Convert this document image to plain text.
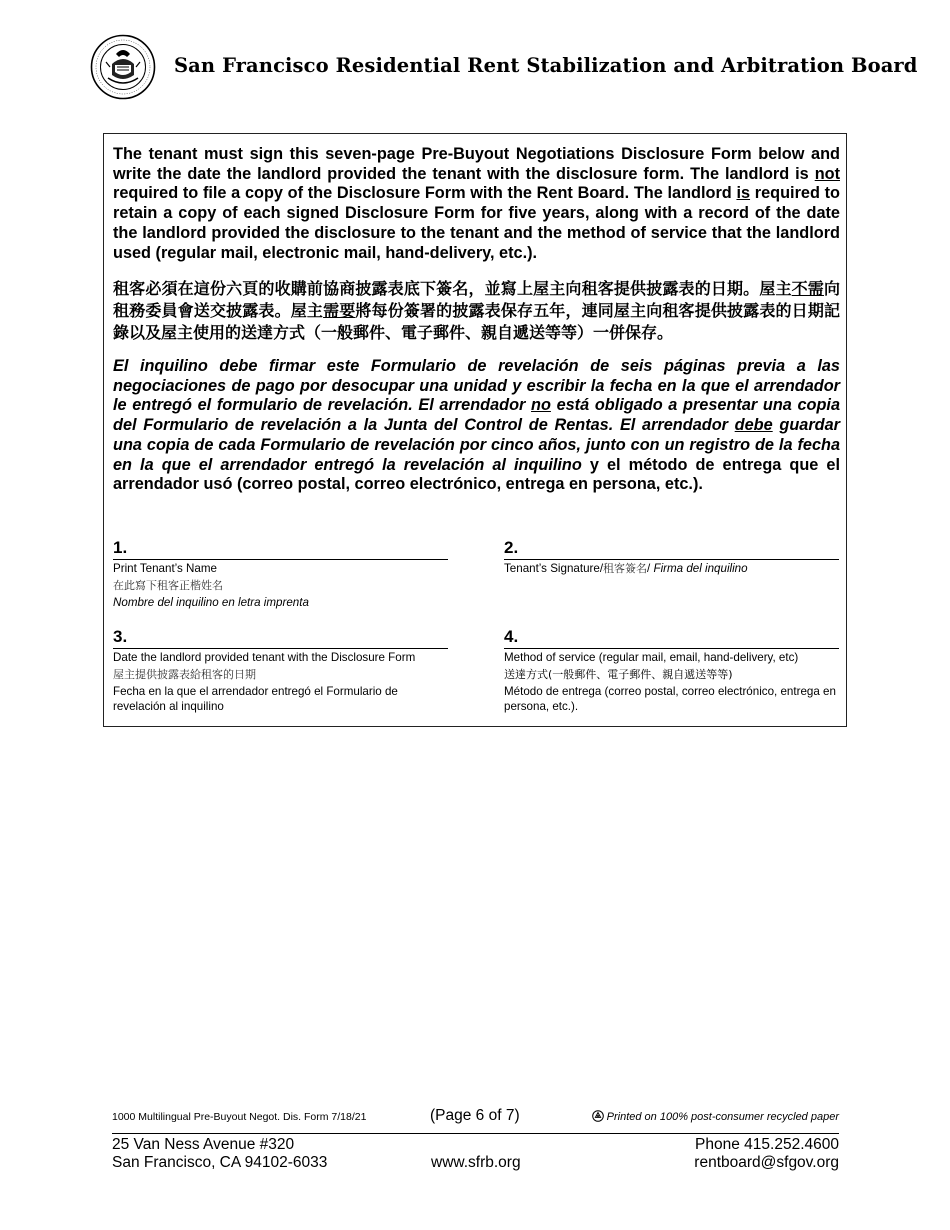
San Francisco Residential Rent Stabilization and Arbitration Board

The tenant must sign this seven-page Pre-Buyout Negotiations Disclosure Form below and write the date the landlord provided the tenant with the disclosure form. The landlord is not required to file a copy of the Disclosure Form with the Rent Board. The landlord is required to retain a copy of each signed Disclosure Form for five years, along with a record of the date the landlord provided the disclosure to the tenant and the method of service that the landlord used (regular mail, electronic mail, hand-delivery, etc.).

租客必須在這份六頁的收購前協商披露表底下簽名，並寫上屋主向租客提供披露表的日期。屋主不需向租務委員會送交披露表。屋主需要將每份簽署的披露表保存五年，連同屋主向租客提供披露表的日期記錄以及屋主使用的送達方式（一般郵件、電子郵件、親自遞送等等）一併保存。

El inquilino debe firmar este Formulario de revelación de seis páginas previa a las negociaciones de pago por desocupar una unidad y escribir la fecha en la que el arrendador le entregó el formulario de revelación. El arrendador no está obligado a presentar una copia del Formulario de revelación a la Junta del Control de Rentas. El arrendador debe guardar una copia de cada Formulario de revelación por cinco años, junto con un registro de la fecha en la que el arrendador entregó la revelación al inquilino y el método de entrega que el arrendador usó (correo postal, correo electrónico, entrega en persona, etc.).

1.
Print Tenant’s Name
在此寫下租客正楷姓名
Nombre del inquilino en letra imprenta
2.
Tenant’s Signature/租客簽名/ Firma del inquilino
3.
Date the landlord provided tenant with the Disclosure Form
屋主提供披露表給租客的日期
Fecha en la que el arrendador entregó el Formulario de revelación al inquilino
4.
Method of service (regular mail, email, hand-delivery, etc)
送達方式(一般郵件、電子郵件、親自遞送等等)
Método de entrega (correo postal, correo electrónico, entrega en persona, etc.).
1000 Multilingual Pre-Buyout Negot. Dis. Form 7/18/21	(Page 6 of 7)	Printed on 100% post-consumer recycled paper
25 Van Ness Avenue #320
San Francisco, CA 94102-6033	www.sfrb.org
Phone 415.252.4600
rentboard@sfgov.org
